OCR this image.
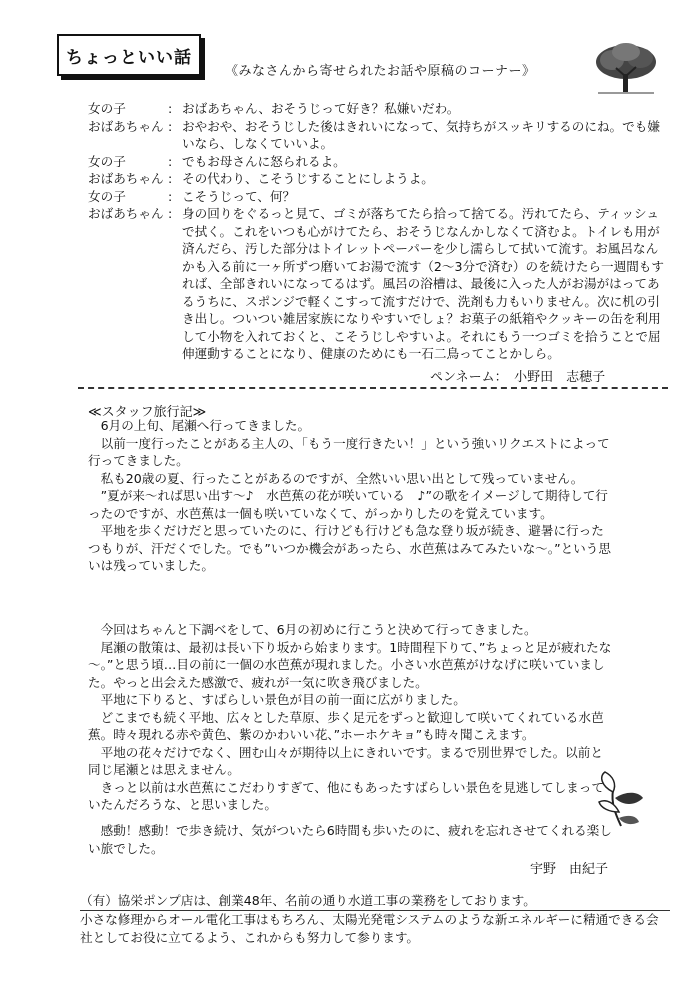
ちょっといい話
《みなさんから寄せられたお話や原稿のコーナー》
女の子	: おばあちゃん、おそうじって好き？私嫌いだわ。
おばあちゃん : おやおや、おそうじした後はきれいになって、気持ちがスッキリするのにね。でも嫌いなら、しなくていいよ。
女の子	: でもお母さんに怒られるよ。
おばあちゃん : その代わり、こそうじすることにしようよ。
女の子	: こそうじって、何？
おばあちゃん : 身の回りをぐるっと見て、ゴミが落ちてたら拾って捨てる。汚れてたら、ティッシュで拭く。これをいつも心がけてたら、おそうじなんかしなくて済むよ。トイレも用が済んだら、汚した部分はトイレットペーパーを少し濡らして拭いて流す。お風呂なんかも入る前に一ヶ所ずつ磨いてお湯で流す（2～3分で済む）のを続けたら一週間もすれば、全部きれいになってるはず。風呂の浴槽は、最後に入った人がお湯がはってあるうちに、スポンジで軽くこすって流すだけで、洗剤も力もいりません。次に机の引き出し。ついつい雑居家族になりやすいでしょ？お菓子の紙箱やクッキーの缶を利用して小物を入れておくと、こそうじしやすいよ。それにもう一つゴミを拾うことで屈伸運動することになり、健康のためにも一石二鳥ってことかしら。
ペンネーム：　小野田　志穂子
≪スタッフ旅行記≫

6月の上旬、尾瀬へ行ってきました。

以前一度行ったことがある主人の、「もう一度行きたい！」という強いリクエストによって行ってきました。

私も20歳の夏、行ったことがあるのですが、全然いい思い出として残っていません。

”夏が来～れば思い出す～♪　水芭蕉の花が咲いている　♪”の歌をイメージして期待して行ったのですが、水芭蕉は一個も咲いていなくて、がっかりしたのを覚えています。

平地を歩くだけだと思っていたのに、行けども行けども急な登り坂が続き、避暑に行ったつもりが、汗だくでした。でも”いつか機会があったら、水芭蕉はみてみたいな～。”という思いは残っていました。

今回はちゃんと下調べをして、6月の初めに行こうと決めて行ってきました。

尾瀬の散策は、最初は長い下り坂から始まります。1時間程下りて、”ちょっと足が疲れたな～。”と思う頃…目の前に一個の水芭蕉が現れました。小さい水芭蕉がけなげに咲いていました。やっと出会えた感激で、疲れが一気に吹き飛びました。

平地に下りると、すばらしい景色が目の前一面に広がりました。

どこまでも続く平地、広々とした草原、歩く足元をずっと歓迎して咲いてくれている水芭蕉。時々現れる赤や黄色、紫のかわいい花、”ホーホケキョ”も時々聞こえます。

平地の花々だけでなく、囲む山々が期待以上にきれいです。まるで別世界でした。以前と同じ尾瀬とは思えません。

きっと以前は水芭蕉にこだわりすぎて、他にもあったすばらしい景色を見逃してしまっていたんだろうな、と思いました。

感動！感動！で歩き続け、気がついたら6時間も歩いたのに、疲れを忘れさせてくれる楽しい旅でした。

宇野　由紀子

（有）協栄ポンプ店は、創業48年、名前の通り水道工事の業務をしております。

小さな修理からオール電化工事はもちろん、太陽光発電システムのような新エネルギーに精通できる会社としてお役に立てるよう、これからも努力して参ります。
